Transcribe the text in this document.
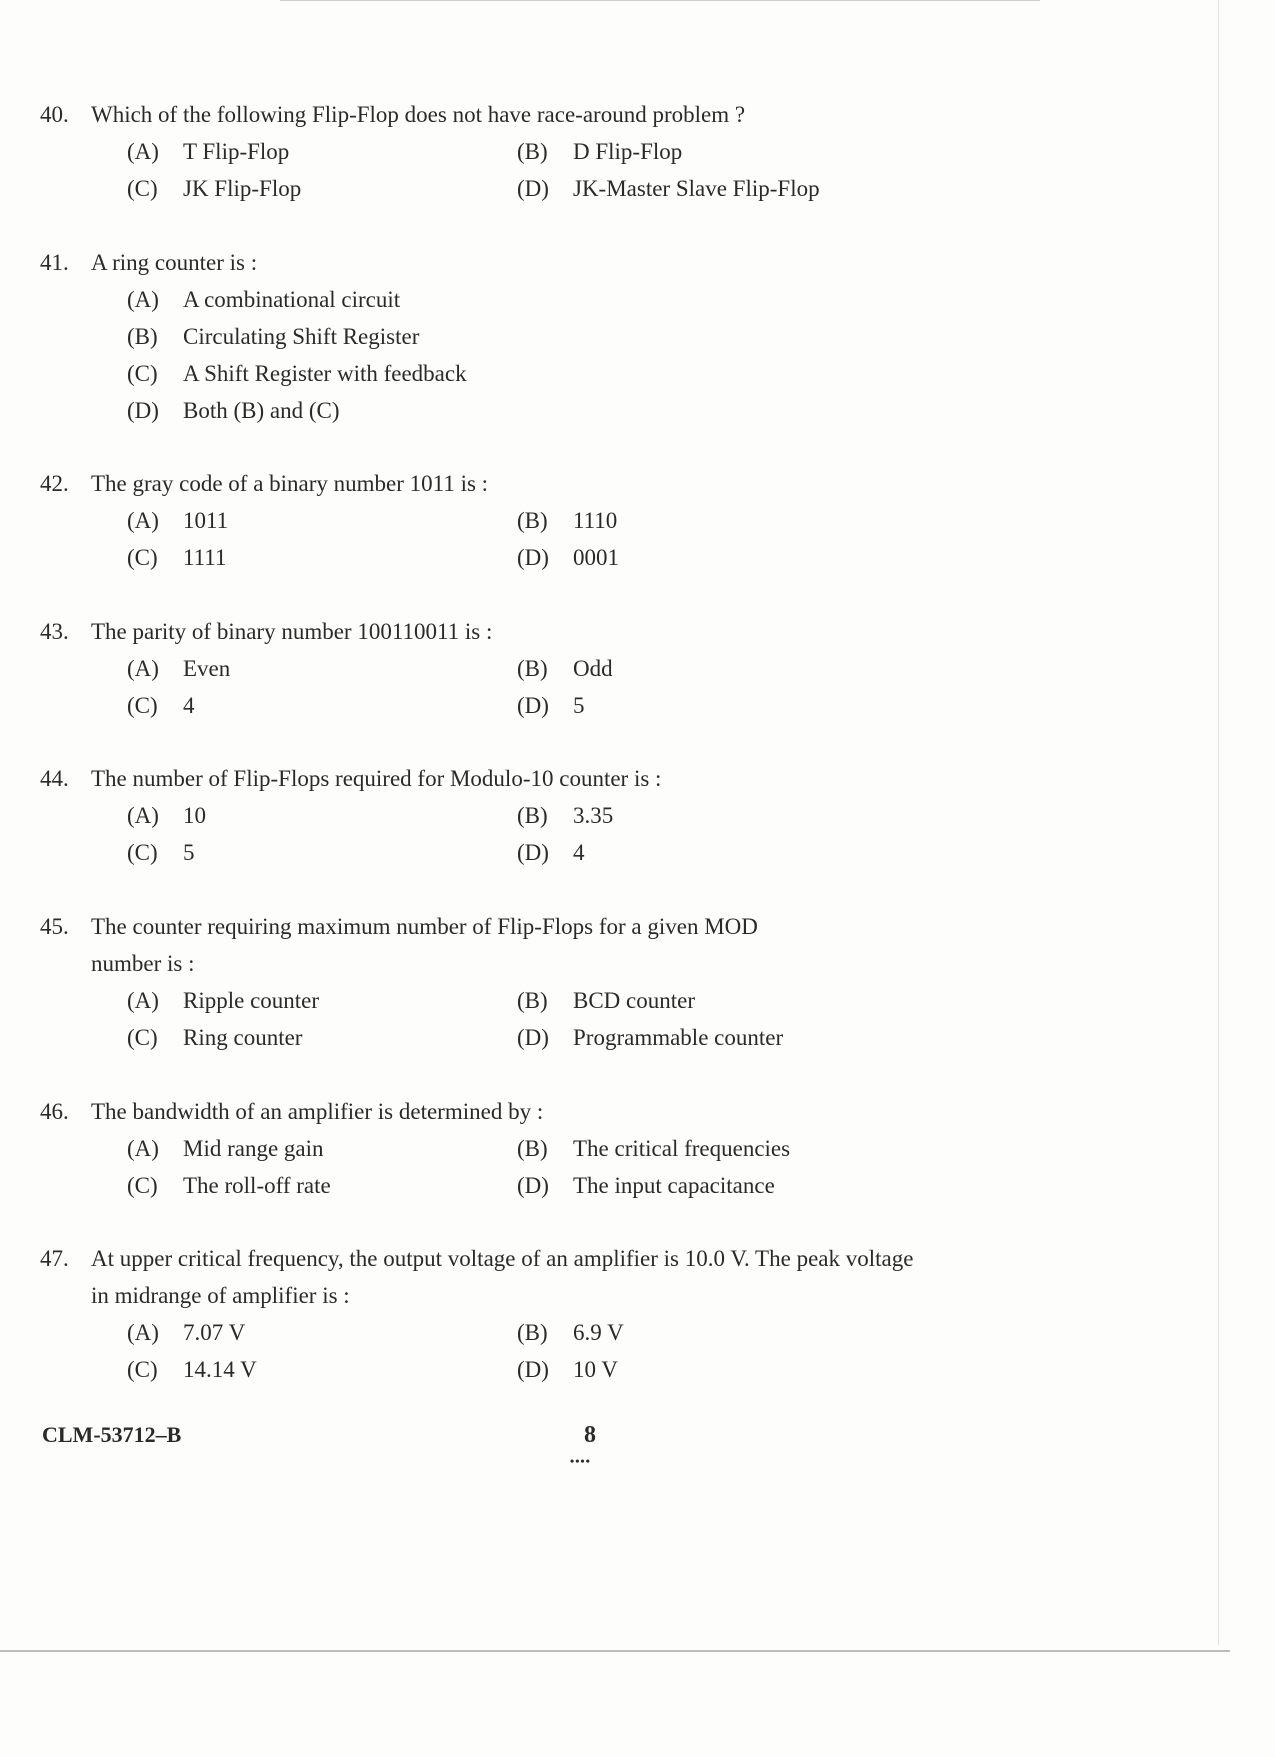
40. Which of the following Flip-Flop does not have race-around problem ?
(A)	T Flip-Flop	(B)	D Flip-Flop
(C)	JK Flip-Flop	(D)	JK-Master Slave Flip-Flop
41. A ring counter is :
(A)	A combinational circuit
(B)	Circulating Shift Register
(C)	A Shift Register with feedback
(D)	Both (B) and (C)
42. The gray code of a binary number 1011 is :
(A)	1011	(B)	1110
(C)	1111	(D)	0001
43. The parity of binary number 100110011 is :
(A)	Even	(B)	Odd
(C)	4	(D)	5
44. The number of Flip-Flops required for Modulo-10 counter is :
(A)	10	(B)	3.35
(C)	5	(D)	4
45. The counter requiring maximum number of Flip-Flops for a given MOD number is :
(A)	Ripple counter	(B)	BCD counter
(C)	Ring counter	(D)	Programmable counter
46. The bandwidth of an amplifier is determined by :
(A)	Mid range gain	(B)	The critical frequencies
(C)	The roll-off rate	(D)	The input capacitance
47. At upper critical frequency, the output voltage of an amplifier is 10.0 V. The peak voltage in midrange of amplifier is :
(A)	7.07 V	(B)	6.9 V
(C)	14.14 V	(D)	10 V
CLM-53712–B	8
••••
